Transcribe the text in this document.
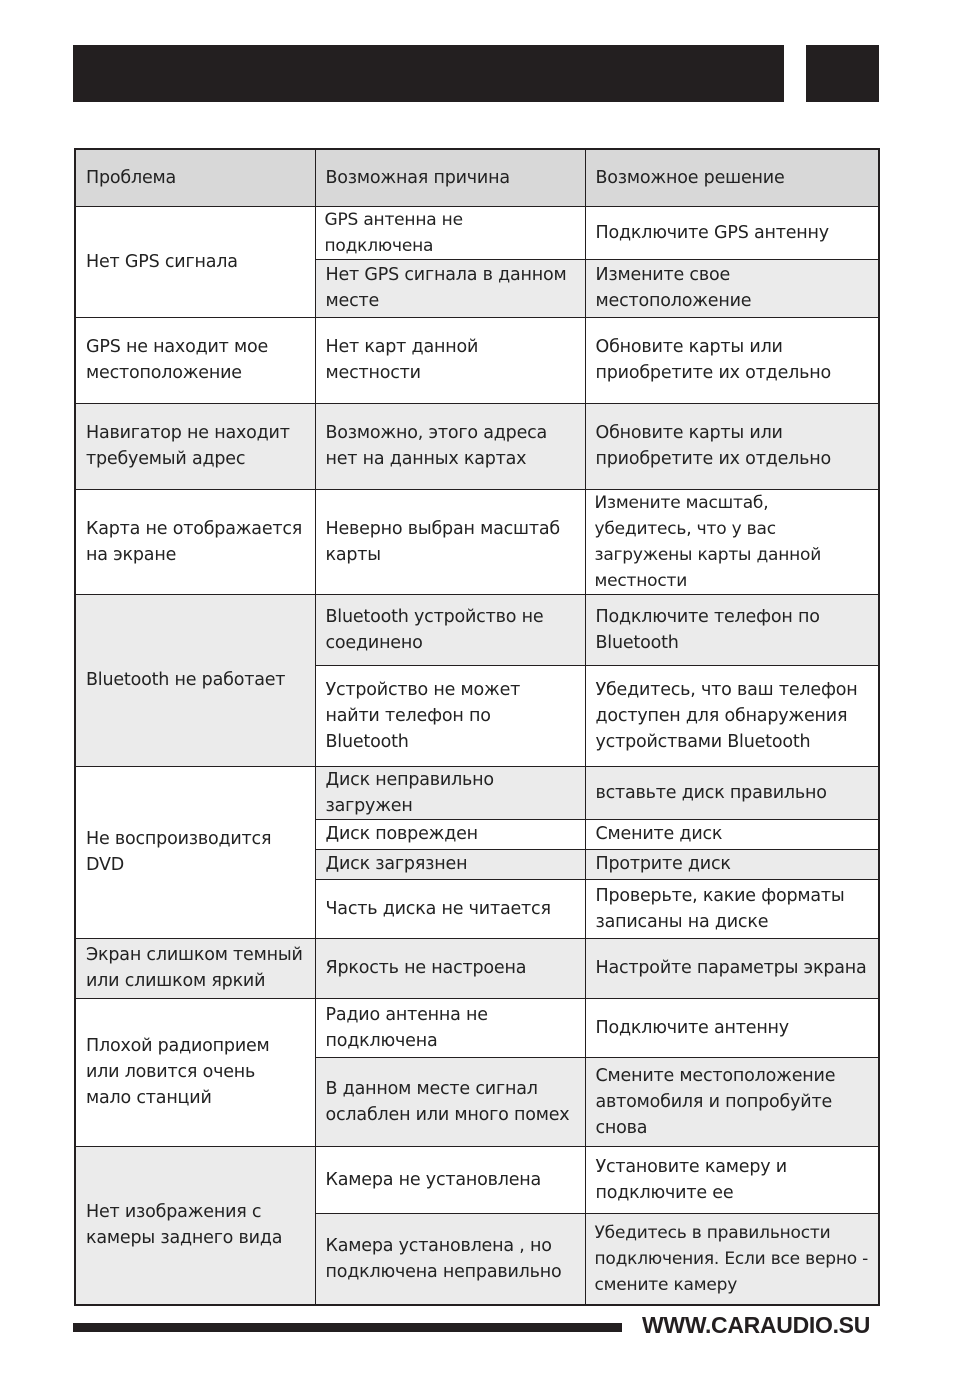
Проблема	Возможная причина	Возможное решение
Нет GPS сигнала	GPS антенна не подключена	Подключите GPS антенну
	Нет GPS сигнала в данном месте	Измените свое местоположение
GPS не находит мое местоположение	Нет карт данной местности	Обновите карты или приобретите их отдельно
Навигатор не находит требуемый адрес	Возможно, этого адреса нет на данных картах	Обновите карты или приобретите их отдельно
Карта не отображается на экране	Неверно выбран масштаб карты	Измените масштаб, убедитесь, что у вас загружены карты данной местности
Bluetooth не работает	Bluetooth устройство не соединено	Подключите телефон по Bluetooth
	Устройство не может найти телефон по Bluetooth	Убедитесь, что ваш телефон доступен для обнаружения устройствами Bluetooth
Не воспроизводится DVD	Диск неправильно загружен	вставьте диск правильно
	Диск поврежден	Смените диск
	Диск загрязнен	Протрите диск
	Часть диска не читается	Проверьте, какие форматы записаны на диске
Экран слишком темный или слишком яркий	Яркость не настроена	Настройте параметры экрана
Плохой радиоприем или ловится очень мало станций	Радио антенна не подключена	Подключите антенну
	В данном месте сигнал ослаблен или много помех	Смените местоположение автомобиля и попробуйте снова
Нет изображения с камеры заднего вида	Камера не установлена	Установите камеру и подключите ее
	Камера установлена , но подключена неправильно	Убедитесь в правильности подключения. Если все верно - смените камеру
WWW.CARAUDIO.SU
